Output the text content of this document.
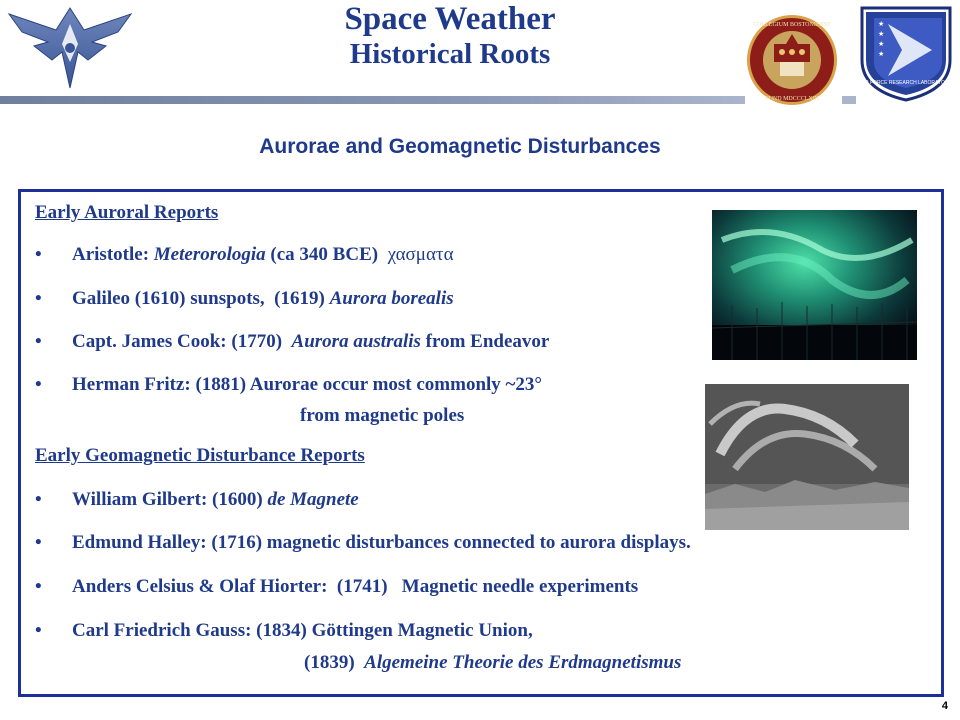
Space Weather
Historical Roots
COLLEGIUM BOSTONIENSE
FUND MDCCCLXIII
★
★
★
★
AIR FORCE RESEARCH LABORATORY
Aurorae and Geomagnetic Disturbances
Early Auroral Reports
• Aristotle: Meterorologia (ca 340 BCE)  χασματα
• Galileo (1610) sunspots,  (1619) Aurora borealis
• Capt. James Cook: (1770)  Aurora australis from Endeavor
• Herman Fritz: (1881) Aurorae occur most commonly ~23°
from magnetic poles
Early Geomagnetic Disturbance Reports
• William Gilbert: (1600) de Magnete
• Edmund Halley: (1716) magnetic disturbances connected to aurora displays.
• Anders Celsius & Olaf Hiorter:  (1741)   Magnetic needle experiments
• Carl Friedrich Gauss: (1834) Göttingen Magnetic Union,
(1839)  Algemeine Theorie des Erdmagnetismus
4
